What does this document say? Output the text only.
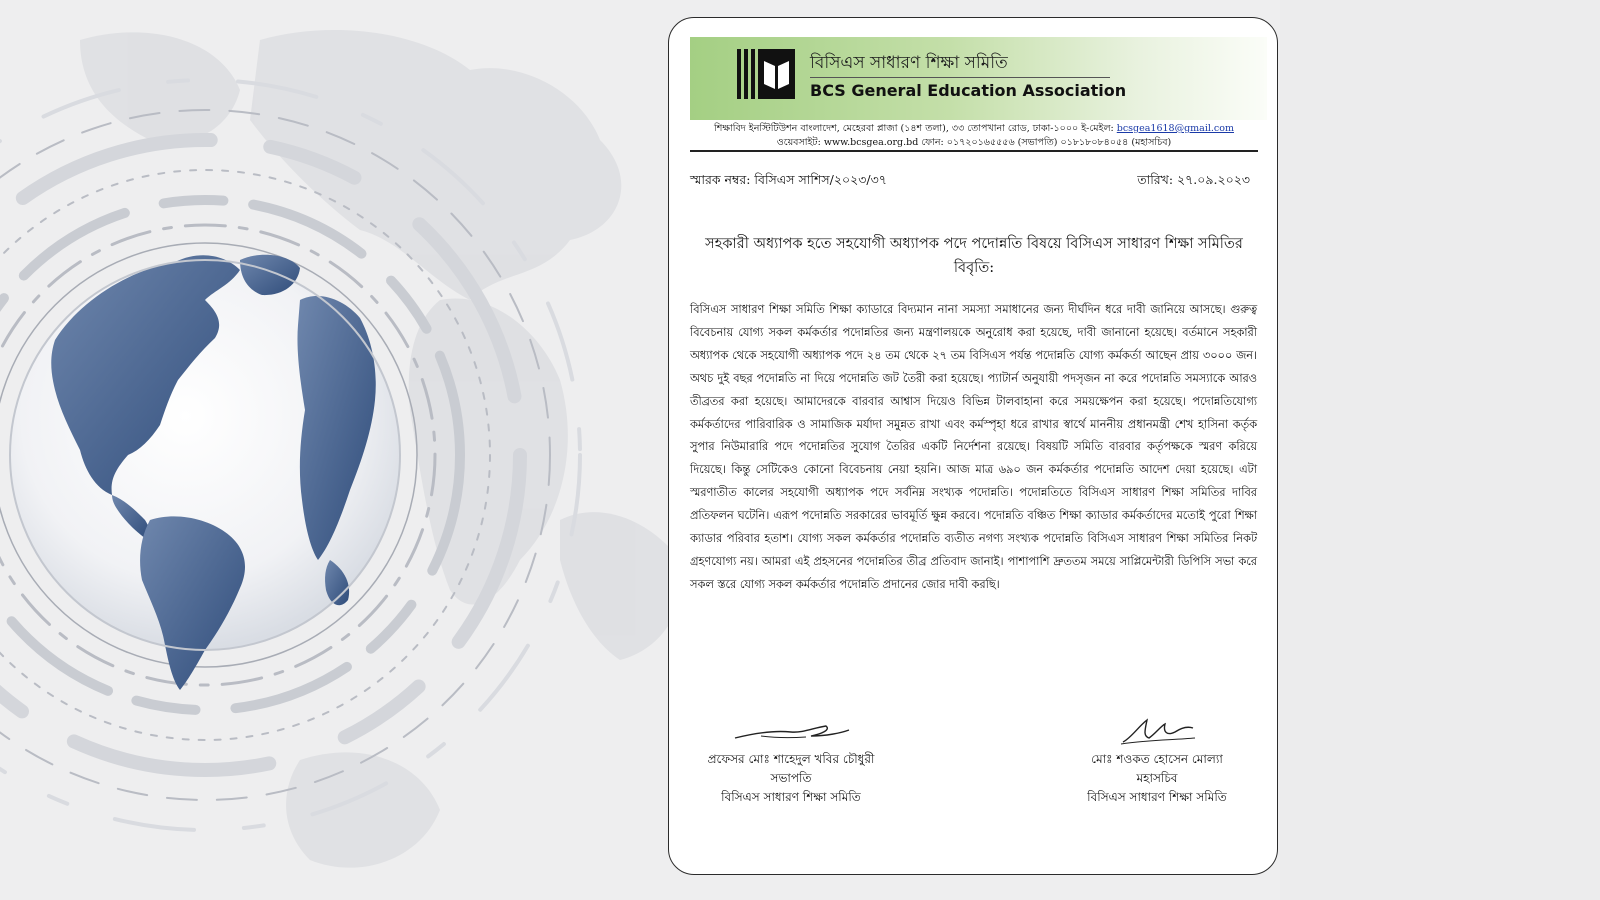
বিসিএস সাধারণ শিক্ষা সমিতি
BCS General Education Association
শিক্ষাবিদ ইনস্টিটিউশন বাংলাদেশ, মেহেরবা প্লাজা (১৪শ তলা), ৩৩ তোপখানা রোড, ঢাকা-১০০০ ই-মেইল: bcsgea1618@gmail.com
ওয়েবসাইট: www.bcsgea.org.bd ফোন: ০১৭২০১৬৫৫৫৬ (সভাপতি) ০১৮১৮০৮৪০৫৪ (মহাসচিব)
স্মারক নম্বর: বিসিএস সাশিস/২০২৩/৩৭	তারিখ: ২৭.০৯.২০২৩
সহকারী অধ্যাপক হতে সহযোগী অধ্যাপক পদে পদোন্নতি বিষয়ে বিসিএস সাধারণ শিক্ষা সমিতির বিবৃতি:
বিসিএস সাধারণ শিক্ষা সমিতি শিক্ষা ক্যাডারে বিদ্যমান নানা সমস্যা সমাধানের জন্য দীর্ঘদিন ধরে দাবী জানিয়ে আসছে। গুরুত্ব বিবেচনায় যোগ্য সকল কর্মকর্তার পদোন্নতির জন্য মন্ত্রণালয়কে অনুরোধ করা হয়েছে, দাবী জানানো হয়েছে। বর্তমানে সহকারী অধ্যাপক থেকে সহযোগী অধ্যাপক পদে ২৪ তম থেকে ২৭ তম বিসিএস পর্যন্ত পদোন্নতি যোগ্য কর্মকর্তা আছেন প্রায় ৩০০০ জন। অথচ দুই বছর পদোন্নতি না দিয়ে পদোন্নতি জট তৈরী করা হয়েছে। প্যাটার্ন অনুযায়ী পদসৃজন না করে পদোন্নতি সমস্যাকে আরও তীব্রতর করা হয়েছে। আমাদেরকে বারবার আশ্বাস দিয়েও বিভিন্ন টালবাহানা করে সময়ক্ষেপন করা হয়েছে। পদোন্নতিযোগ্য কর্মকর্তাদের পারিবারিক ও সামাজিক মর্যাদা সমুন্নত রাখা এবং কর্মস্পৃহা ধরে রাখার স্বার্থে মাননীয় প্রধানমন্ত্রী শেখ হাসিনা কর্তৃক সুপার নিউমারারি পদে পদোন্নতির সুযোগ তৈরির একটি নির্দেশনা রয়েছে। বিষয়টি সমিতি বারবার কর্তৃপক্ষকে স্মরণ করিয়ে দিয়েছে। কিন্তু সেটিকেও কোনো বিবেচনায় নেয়া হয়নি। আজ মাত্র ৬৯০ জন কর্মকর্তার পদোন্নতি আদেশ দেয়া হয়েছে। এটা স্মরণাতীত কালের সহযোগী অধ্যাপক পদে সর্বনিম্ন সংখ্যক পদোন্নতি। পদোন্নতিতে বিসিএস সাধারণ শিক্ষা সমিতির দাবির প্রতিফলন ঘটেনি। এরূপ পদোন্নতি সরকারের ভাবমূর্তি ক্ষুন্ন করবে। পদোন্নতি বঞ্চিত শিক্ষা ক্যাডার কর্মকর্তাদের মতোই পুরো শিক্ষা ক্যাডার পরিবার হতাশ। যোগ্য সকল কর্মকর্তার পদোন্নতি ব্যতীত নগণ্য সংখ্যক পদোন্নতি বিসিএস সাধারণ শিক্ষা সমিতির নিকট গ্রহণযোগ্য নয়। আমরা এই প্রহসনের পদোন্নতির তীব্র প্রতিবাদ জানাই। পাশাপাশি দ্রুততম সময়ে সাপ্লিমেন্টারী ডিপিসি সভা করে সকল স্তরে যোগ্য সকল কর্মকর্তার পদোন্নতি প্রদানের জোর দাবী করছি।
প্রফেসর মোঃ শাহেদুল খবির চৌধুরী
সভাপতি
বিসিএস সাধারণ শিক্ষা সমিতি
মোঃ শওকত হোসেন মোল্যা
মহাসচিব
বিসিএস সাধারণ শিক্ষা সমিতি
